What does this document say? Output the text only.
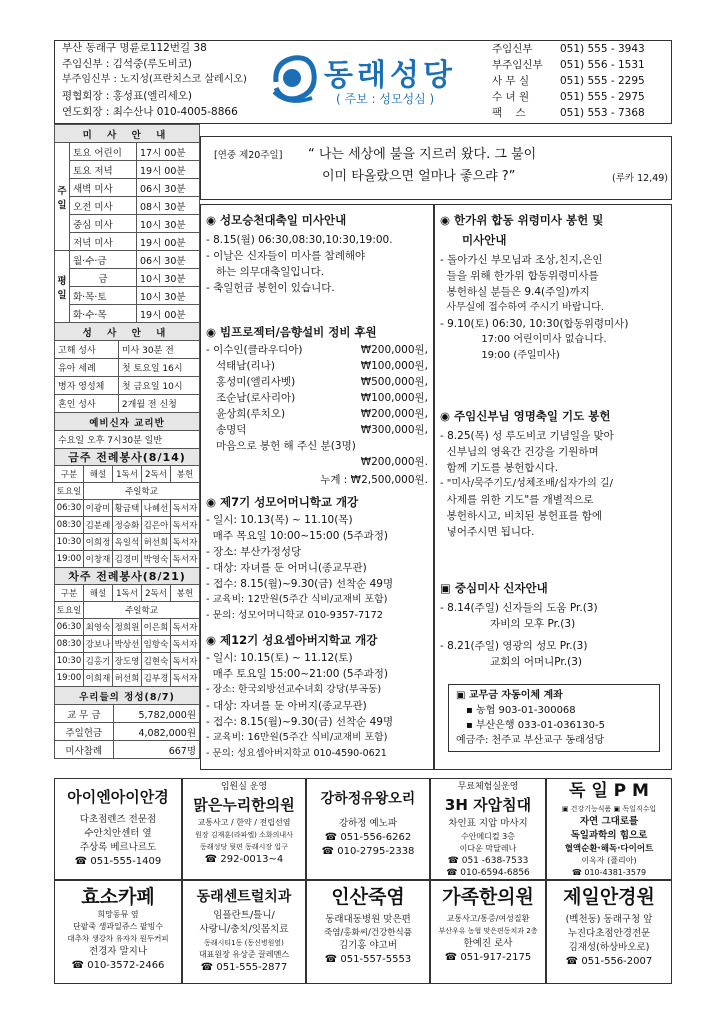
부산 동래구 명륜로112번길 38
주임신부 : 김석중(루도비코)
부주임신부 : 노지성(프란치스코 살레시오)
평협회장 : 홍성표(엘리세오)
연도회장 : 최수산나 010-4005-8866
동래성당
( 주보 : 성모성심 )
주임신부	051) 555 - 3943
부주임신부 051) 556 - 1531
사 무 실	051) 555 - 2295
수 녀 원	051) 555 - 2975
팩    스	051) 553 - 7368
미 사 안 내		
주일	토요 어린이	17시 00분
	토요 저녁	19시 00분
	새벽 미사	06시 30분
	오전 미사	08시 30분
	중심 미사	10시 30분
	저녁 미사	19시 00분
평일	월·수·금	06시 30분
	금	10시 30분
	화·목·토	10시 30분
	화·수·목	19시 00분
성 사 안 내	
고해 성사	미사 30분 전
유아 세례	첫 토요일 16시
병자 영성체	첫 금요일 10시
혼인 성사	2개월 전 신청
예비신자 교리반
수요일 오후 7시30분 일반
금주 전례봉사(8/14)				
구분	해설	1독서	2독서	봉헌
토요일	주일학교			
06:30	이광미	황금택	나혜선	독서자
08:30	김분례	정승화	김은아	독서자
10:30	이희정	옥일석	허선희	독서자
19:00	이창재	김경미	박영숙	독서자
차주 전례봉사(8/21)				
구분	해설	1독서	2독서	봉헌
토요일	주일학교			
06:30	최영숙	정희원	이은희	독서자
08:30	강보나	박상선	임항숙	독서자
10:30	김홍기	장도영	김현숙	독서자
19:00	이희재	허선희	김부경	독서자
우리들의 정성(8/7)	
교 무 금	5,782,000원
주일헌금	4,082,000원
미사참례	667명
[연중 제20주일] “ 나는 세상에 불을 지르러 왔다. 그 불이
이미 타올랐으면 얼마나 좋으랴 ?”	(루카 12,49)
◉ 성모승천대축일 미사안내
- 8.15(월) 06:30,08:30,10:30,19:00.
- 이날은 신자들이 미사를 참례해야
하는 의무대축일입니다.
- 축일헌금 봉헌이 있습니다.
◉ 빔프로젝터/음향설비 정비 후원
- 이수인(클라우디아)	₩200,000원,
석태남(리나)	₩100,000원,
홍성미(엘리사벳)	₩500,000원,
조순남(로사리아)	₩100,000원,
윤상희(루치오)	₩200,000원,
송명덕	₩300,000원,
마음으로 봉헌 해 주신 분(3명)
₩200,000원.
누계 : ₩2,500,000원.
◉ 제7기 성모어머니학교 개강
- 일시: 10.13(목) ~ 11.10(목)
매주 목요일 10:00~15:00 (5주과정)
- 장소: 부산가정성당
- 대상: 자녀를 둔 어머니(종교무관)
- 접수: 8.15(월)~9.30(금) 선착순 49명
- 교육비: 12만원(5주간 식비/교재비 포함)
- 문의: 성모어머니학교 010-9357-7172
◉ 제12기 성요셉아버지학교 개강
- 일시: 10.15(토) ~ 11.12(토)
매주 토요일 15:00~21:00 (5주과정)
- 장소: 한국외방선교수녀회 강당(부곡동)
- 대상: 자녀를 둔 아버지(종교무관)
- 접수: 8.15(월)~9.30(금) 선착순 49명
- 교육비: 16만원(5주간 식비/교재비 포함)
- 문의: 성요셉아버지학교 010-4590-0621
◉ 한가위 합동 위령미사 봉헌 및
미사안내
- 돌아가신 부모님과 조상,친지,은인
들을 위해 한가위 합동위령미사를
봉헌하실 분들은 9.4(주일)까지
사무실에 접수하여 주시기 바랍니다.
- 9.10(토) 06:30, 10:30(합동위령미사)
17:00 어린이미사 없습니다.
19:00 (주일미사)
◉ 주임신부님 영명축일 기도 봉헌
- 8.25(목) 성 루도비코 기념일을 맞아
신부님의 영육간 건강을 기원하며
함께 기도를 봉헌합시다.
- "미사/묵주기도/성체조배/십자가의 길/
사제를 위한 기도"를 개별적으로
봉헌하시고, 비치된 봉헌표를 함에
넣어주시면 됩니다.
▣ 중심미사 신자안내
- 8.14(주일) 신자들의 도움 Pr.(3)
자비의 모후 Pr.(3)
- 8.21(주일) 영광의 성모 Pr.(3)
교회의 어머니Pr.(3)
▣ 교무금 자동이체 계좌
▪ 농협 903-01-300068
▪ 부산은행 033-01-036130-5
예금주: 천주교 부산교구 동래성당
아이엔아이안경
다초점렌즈 전문점
수안치안센터 옆
주상록 베르나르도
☎ 051-555-1409
임원실 운영
맑은누리한의원
교통사고 / 한약 / 전립선염
원장 김재훈(라파엘) 소화의내사
동래성당 뒷편 동래시장 입구
☎ 292-0013~4
강하정유왕오리
강하정 예노파
☎ 051-556-6262
☎ 010-2795-2338
무료체험실운영
3H 자압침대
차인표 지압 마사지
수안메디컬 3층
이다운 막달레나
☎ 051 -638-7533
☎ 010-6594-6856
독 일 P M
▣ 건강기능식품 ▣ 독일직수입
자연 그대로를
독일과학의 힘으로
혈액순환·해독·다이어트
이옥자 (플리아)
☎ 010-4381-3579
효소카페
희망동뮤 옆
단팥죽 생과일쥬스 팥빙수
대추차 생강차 유자차 원두커피
전경자 말지나
☎ 010-3572-2466
동래센트럴치과
임플란트/틀니/
사랑니/충치/잇몸치료
동래시티1동 (동신병원옆)
대표원장 유상준 끌레멘스
☎ 051-555-2877
인산죽염
동래대동병원 맞은편
죽염/홍화씨/건강한식품
김기홍 야고버
☎ 051-557-5553
가족한의원
교통사고/통증/여성질환
부산우유 농협 맞은편동치과 2층
한예진 로사
☎ 051-917-2175
제일안경원
(벡천동) 동래구청 앞
누진다초점안경전문
김재성(하상바오로)
☎ 051-556-2007
